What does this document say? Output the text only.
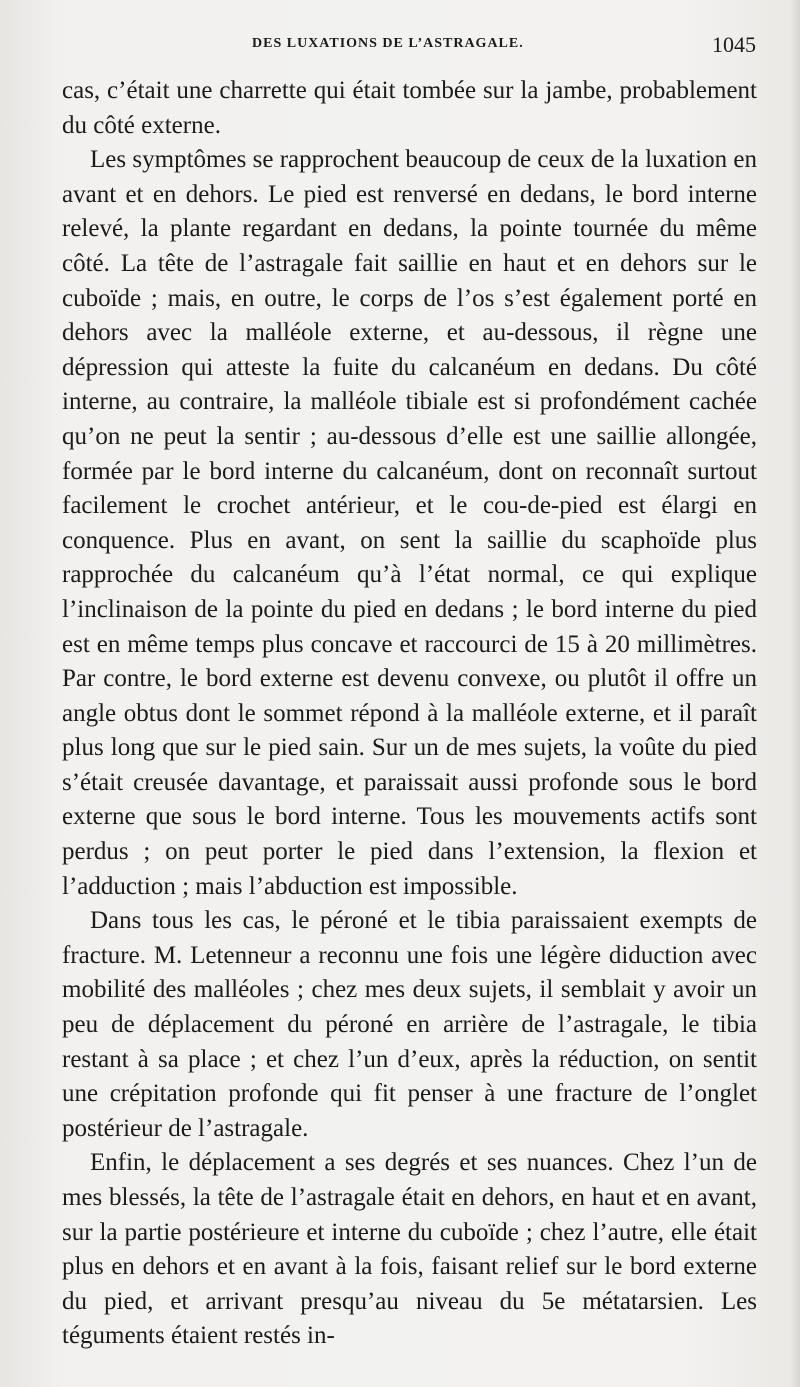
DES LUXATIONS DE L’ASTRAGALE.	1045

cas, c’était une charrette qui était tombée sur la jambe, probablement du côté externe.

Les symptômes se rapprochent beaucoup de ceux de la luxation en avant et en dehors. Le pied est renversé en dedans, le bord interne relevé, la plante regardant en dedans, la pointe tournée du même côté. La tête de l’astragale fait saillie en haut et en dehors sur le cuboïde ; mais, en outre, le corps de l’os s’est également porté en dehors avec la malléole externe, et au-dessous, il règne une dépression qui atteste la fuite du calcanéum en dedans. Du côté interne, au contraire, la malléole tibiale est si profondément cachée qu’on ne peut la sentir ; au-dessous d’elle est une saillie allongée, formée par le bord interne du calcanéum, dont on reconnaît surtout facilement le crochet antérieur, et le cou-de-pied est élargi en conquence. Plus en avant, on sent la saillie du scaphoïde plus rapprochée du calcanéum qu’à l’état normal, ce qui explique l’inclinaison de la pointe du pied en dedans ; le bord interne du pied est en même temps plus concave et raccourci de 15 à 20 millimètres. Par contre, le bord externe est devenu convexe, ou plutôt il offre un angle obtus dont le sommet répond à la malléole externe, et il paraît plus long que sur le pied sain. Sur un de mes sujets, la voûte du pied s’était creusée davantage, et paraissait aussi profonde sous le bord externe que sous le bord interne. Tous les mouvements actifs sont perdus ; on peut porter le pied dans l’extension, la flexion et l’adduction ; mais l’abduction est impossible.

Dans tous les cas, le péroné et le tibia paraissaient exempts de fracture. M. Letenneur a reconnu une fois une légère diduction avec mobilité des malléoles ; chez mes deux sujets, il semblait y avoir un peu de déplacement du péroné en arrière de l’astragale, le tibia restant à sa place ; et chez l’un d’eux, après la réduction, on sentit une crépitation profonde qui fit penser à une fracture de l’onglet postérieur de l’astragale.

Enfin, le déplacement a ses degrés et ses nuances. Chez l’un de mes blessés, la tête de l’astragale était en dehors, en haut et en avant, sur la partie postérieure et interne du cuboïde ; chez l’autre, elle était plus en dehors et en avant à la fois, faisant relief sur le bord externe du pied, et arrivant presqu’au niveau du 5e métatarsien. Les téguments étaient restés in-
